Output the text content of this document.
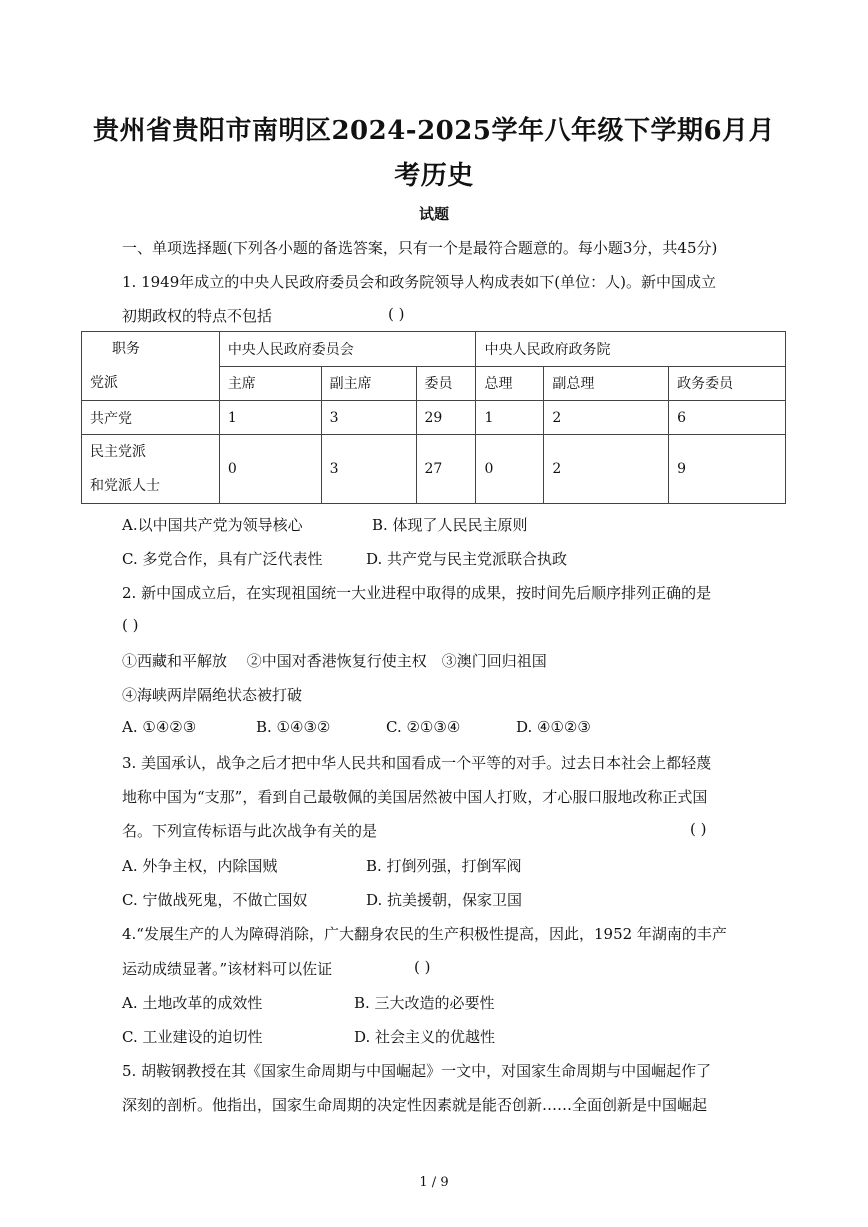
贵州省贵阳市南明区2024-2025学年八年级下学期6月月
考历史
试题
一、单项选择题(下列各小题的备选答案，只有一个是最符合题意的。每小题3分，共45分)
1. 1949年成立的中央人民政府委员会和政务院领导人构成表如下(单位：人)。新中国成立
初期政权的特点不包括	( )
职务
党派	中央人民政府委员会			中央人民政府政务院		
	主席	副主席	委员	总理	副总理	政务委员
共产党	1	3	29	1	2	6

民主党派
和党派人士	0	3	27	0	2	9
A.以中国共产党为领导核心	B. 体现了人民民主原则
C. 多党合作，具有广泛代表性	D. 共产党与民主党派联合执政
2. 新中国成立后，在实现祖国统一大业进程中取得的成果，按时间先后顺序排列正确的是
( )
①西藏和平解放　 ②中国对香港恢复行使主权　③澳门回归祖国
④海峡两岸隔绝状态被打破
A. ①④②③	B. ①④③②	C. ②①③④	D. ④①②③
3. 美国承认，战争之后才把中华人民共和国看成一个平等的对手。过去日本社会上都轻蔑
地称中国为“支那”，看到自己最敬佩的美国居然被中国人打败，才心服口服地改称正式国
名。下列宣传标语与此次战争有关的是	( )
A. 外争主权，内除国贼	B. 打倒列强，打倒军阀
C. 宁做战死鬼，不做亡国奴	D. 抗美援朝，保家卫国
4.“发展生产的人为障碍消除，广大翻身农民的生产积极性提高，因此，1952 年湖南的丰产
运动成绩显著。”该材料可以佐证	( )
A. 土地改革的成效性	B. 三大改造的必要性
C. 工业建设的迫切性	D. 社会主义的优越性
5. 胡鞍钢教授在其《国家生命周期与中国崛起》一文中，对国家生命周期与中国崛起作了
深刻的剖析。他指出，国家生命周期的决定性因素就是能否创新……全面创新是中国崛起
1 / 9
